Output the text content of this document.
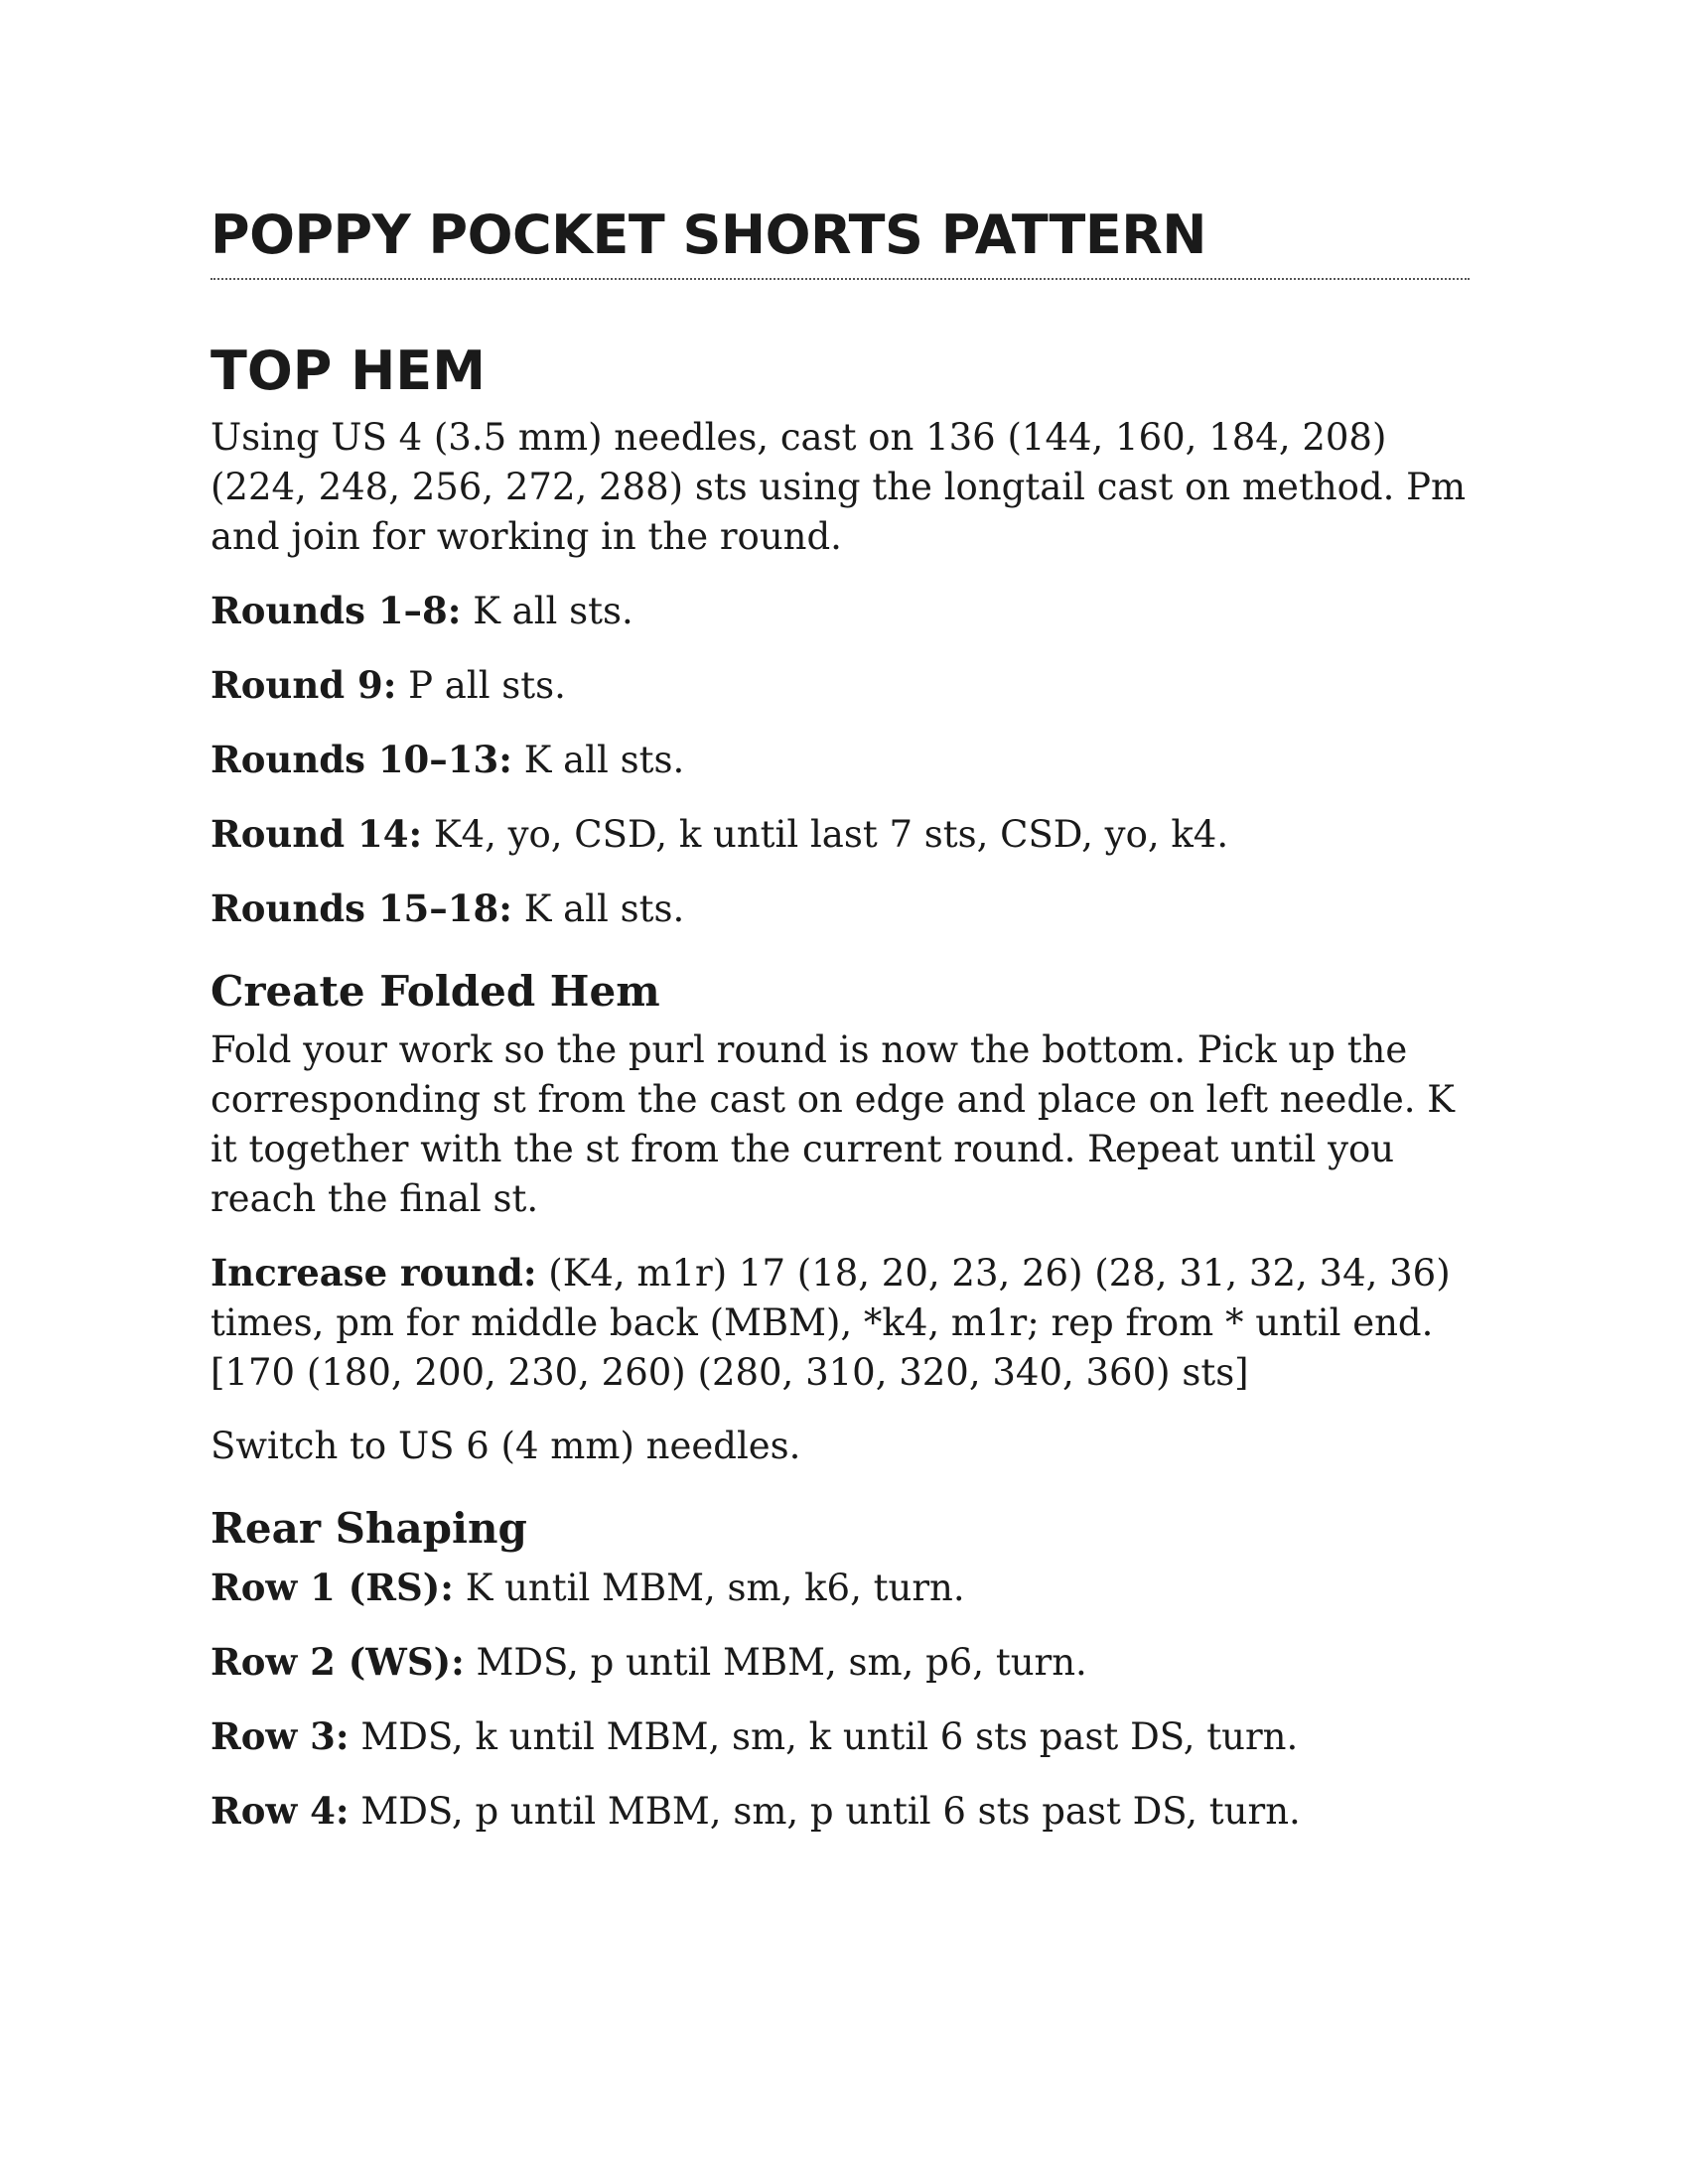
POPPY POCKET SHORTS PATTERN
TOP HEM

Using US 4 (3.5 mm) needles, cast on 136 (144, 160, 184, 208) (224, 248, 256, 272, 288) sts using the longtail cast on method. Pm and join for working in the round.

Rounds 1–8: K all sts.

Round 9: P all sts.

Rounds 10–13: K all sts.

Round 14: K4, yo, CSD, k until last 7 sts, CSD, yo, k4.

Rounds 15–18: K all sts.

Create Folded Hem

Fold your work so the purl round is now the bottom. Pick up the corresponding st from the cast on edge and place on left needle. K it together with the st from the current round. Repeat until you reach the final st.

Increase round: (K4, m1r) 17 (18, 20, 23, 26) (28, 31, 32, 34, 36) times, pm for middle back (MBM), *k4, m1r; rep from * until end. [170 (180, 200, 230, 260) (280, 310, 320, 340, 360) sts]

Switch to US 6 (4 mm) needles.

Rear Shaping

Row 1 (RS): K until MBM, sm, k6, turn.

Row 2 (WS): MDS, p until MBM, sm, p6, turn.

Row 3: MDS, k until MBM, sm, k until 6 sts past DS, turn.

Row 4: MDS, p until MBM, sm, p until 6 sts past DS, turn.
